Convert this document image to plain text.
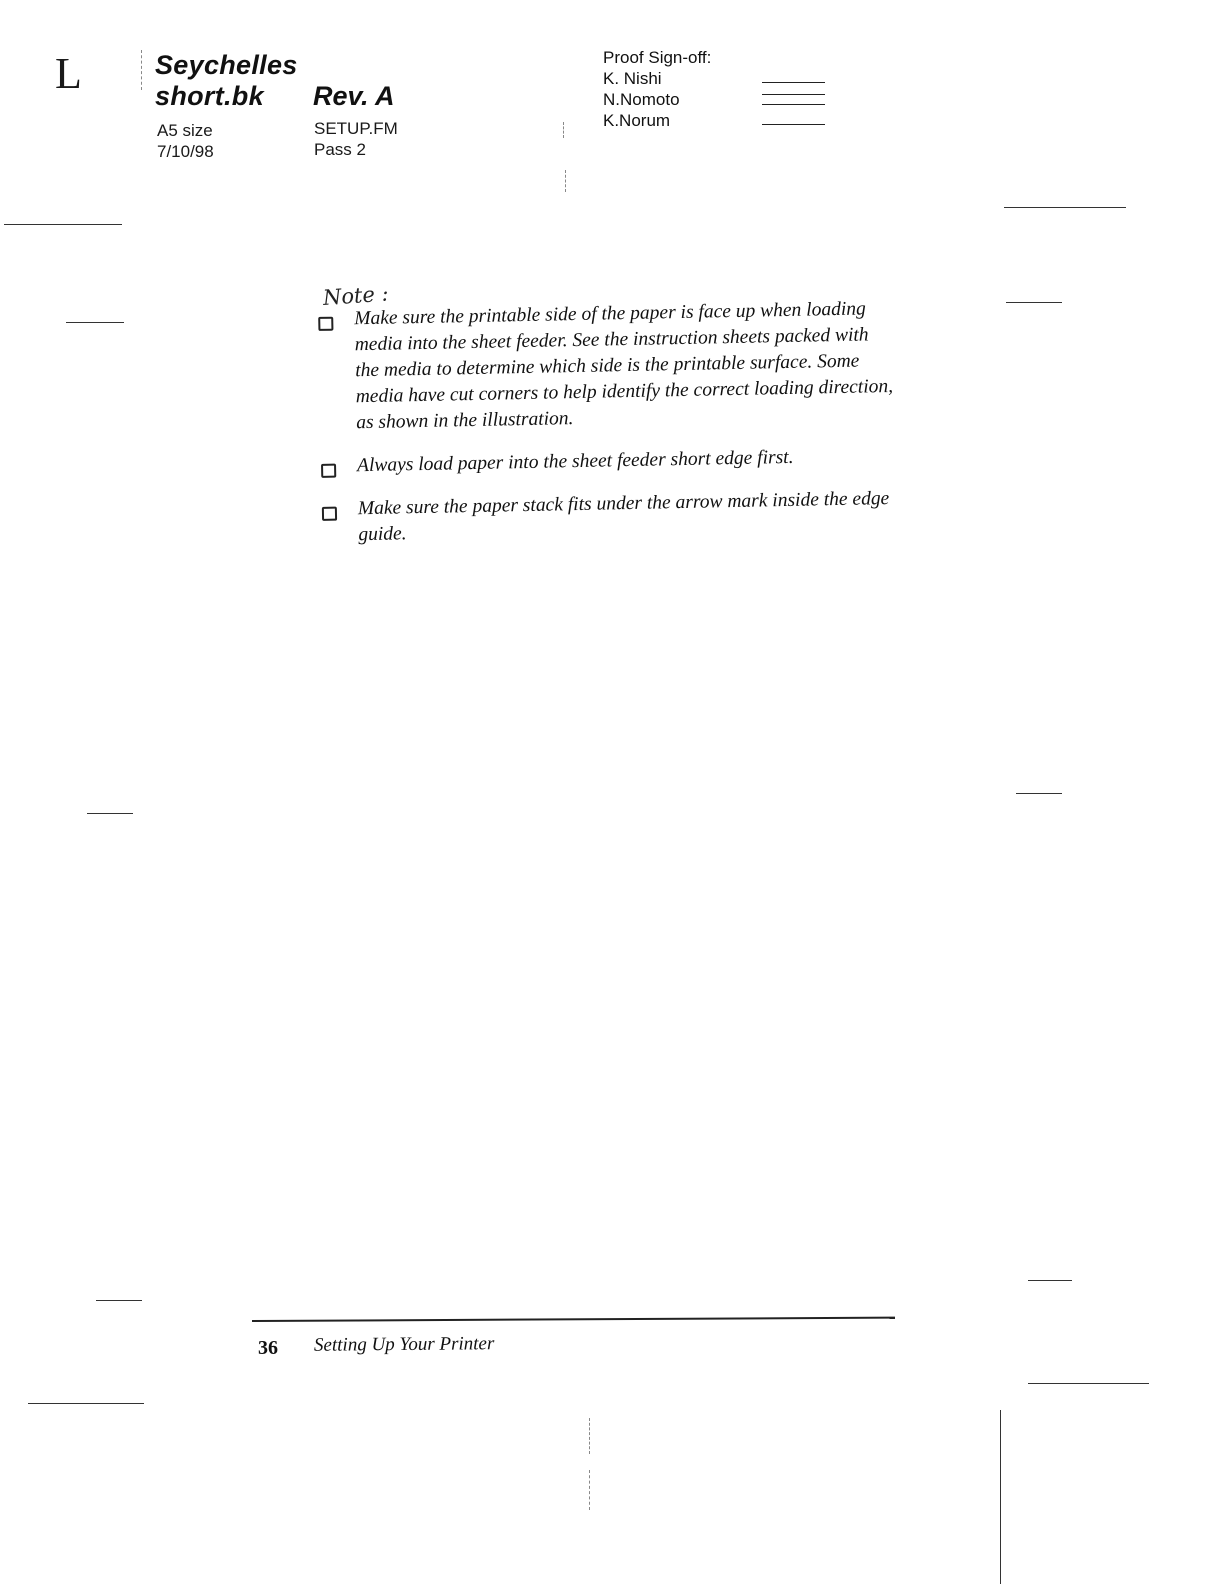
L	Seychelles
short.bk	Rev. A
A5 size
7/10/98
SETUP.FM
Pass 2
Proof Sign-off:
K. Nishi
N.Nomoto
K.Norum
Note :
Make sure the printable side of the paper is face up when loading media into the sheet feeder. See the instruction sheets packed with the media to determine which side is the printable surface. Some media have cut corners to help identify the correct loading direction, as shown in the illustration.
Always load paper into the sheet feeder short edge first.
Make sure the paper stack fits under the arrow mark inside the edge guide.
36 Setting Up Your Printer
